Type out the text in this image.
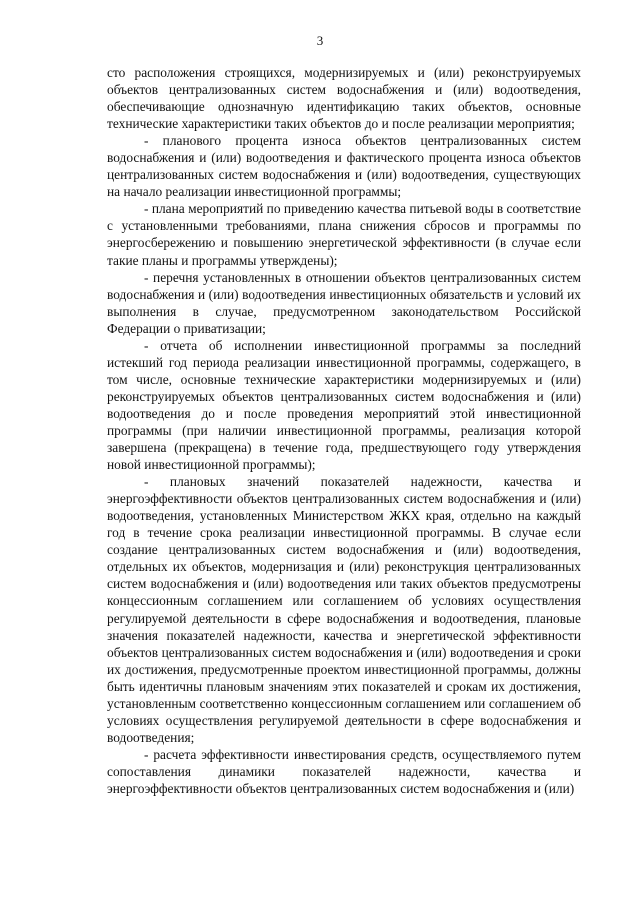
3

сто расположения строящихся, модернизируемых и (или) реконструируемых объектов централизованных систем водоснабжения и (или) водоотведения, обеспечивающие однозначную идентификацию таких объектов, основные технические характеристики таких объектов до и после реализации мероприятия;

- планового процента износа объектов централизованных систем водоснабжения и (или) водоотведения и фактического процента износа объектов централизованных систем водоснабжения и (или) водоотведения, существующих на начало реализации инвестиционной программы;

- плана мероприятий по приведению качества питьевой воды в соответствие с установленными требованиями, плана снижения сбросов и программы по энергосбережению и повышению энергетической эффективности (в случае если такие планы и программы утверждены);

- перечня установленных в отношении объектов централизованных систем водоснабжения и (или) водоотведения инвестиционных обязательств и условий их выполнения в случае, предусмотренном законодательством Российской Федерации о приватизации;

- отчета об исполнении инвестиционной программы за последний истекший год периода реализации инвестиционной программы, содержащего, в том числе, основные технические характеристики модернизируемых и (или) реконструируемых объектов централизованных систем водоснабжения и (или) водоотведения до и после проведения мероприятий этой инвестиционной программы (при наличии инвестиционной программы, реализация которой завершена (прекращена) в течение года, предшествующего году утверждения новой инвестиционной программы);

- плановых значений показателей надежности, качества и энергоэффективности объектов централизованных систем водоснабжения и (или) водоотведения, установленных Министерством ЖКХ края, отдельно на каждый год в течение срока реализации инвестиционной программы. В случае если создание централизованных систем водоснабжения и (или) водоотведения, отдельных их объектов, модернизация и (или) реконструкция централизованных систем водоснабжения и (или) водоотведения или таких объектов предусмотрены концессионным соглашением или соглашением об условиях осуществления регулируемой деятельности в сфере водоснабжения и водоотведения, плановые значения показателей надежности, качества и энергетической эффективности объектов централизованных систем водоснабжения и (или) водоотведения и сроки их достижения, предусмотренные проектом инвестиционной программы, должны быть идентичны плановым значениям этих показателей и срокам их достижения, установленным соответственно концессионным соглашением или соглашением об условиях осуществления регулируемой деятельности в сфере водоснабжения и водоотведения;

- расчета эффективности инвестирования средств, осуществляемого путем сопоставления динамики показателей надежности, качества и энергоэффективности объектов централизованных систем водоснабжения и (или)
